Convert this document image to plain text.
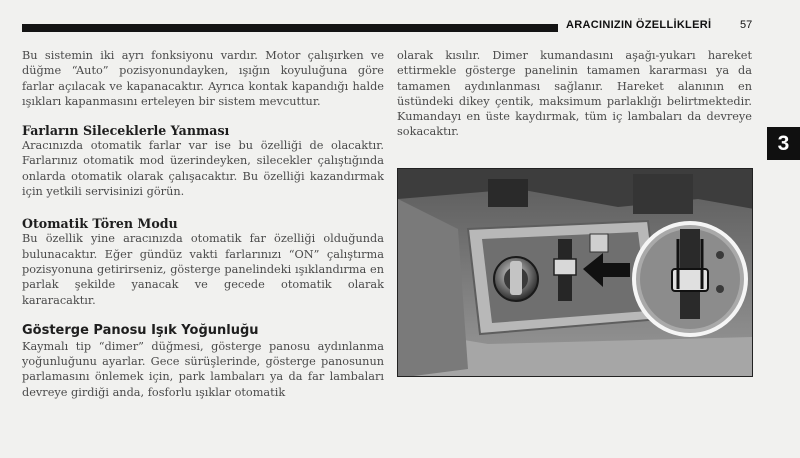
ARACINIZIN ÖZELLİKLERİ	57
3

Bu sistemin iki ayrı fonksiyonu vardır. Motor çalışırken ve düğme “Auto” pozisyonundayken, ışığın koyuluğuna göre farlar açılacak ve kapanacaktır. Ayrıca kontak kapandığı halde ışıkları kapanmasını erteleyen bir sistem mevcuttur.

Farların Sileceklerle Yanması

Aracınızda otomatik farlar var ise bu özelliği de olacaktır. Farlarınız otomatik mod üzerindeyken, silecekler çalıştığında onlarda otomatik olarak çalışacaktır. Bu özelliği kazandırmak için yetkili servisinizi görün.

Otomatik Tören Modu

Bu özellik yine aracınızda otomatik far özelliği olduğunda bulunacaktır. Eğer gündüz vakti farlarınızı “ON” çalıştırma pozisyonuna getirirseniz, gösterge panelindeki ışıklandırma en parlak şekilde yanacak ve gecede otomatik olarak kararacaktır.

Gösterge Panosu Işık Yoğunluğu

Kaymalı tip “dimer” düğmesi, gösterge panosu aydınlanma yoğunluğunu ayarlar. Gece sürüşlerinde, gösterge panosunun parlamasını önlemek için, park lambaları ya da far lambaları devreye girdiği anda, fosforlu ışıklar otomatik

olarak kısılır. Dimer kumandasını aşağı-yukarı hareket ettirmekle gösterge panelinin tamamen kararması ya da tamamen aydınlanması sağlanır. Hareket alanının en üstündeki dikey çentik, maksimum parlaklığı belirtmektedir. Kumandayı en üste kaydırmak, tüm iç lambaları da devreye sokacaktır.
